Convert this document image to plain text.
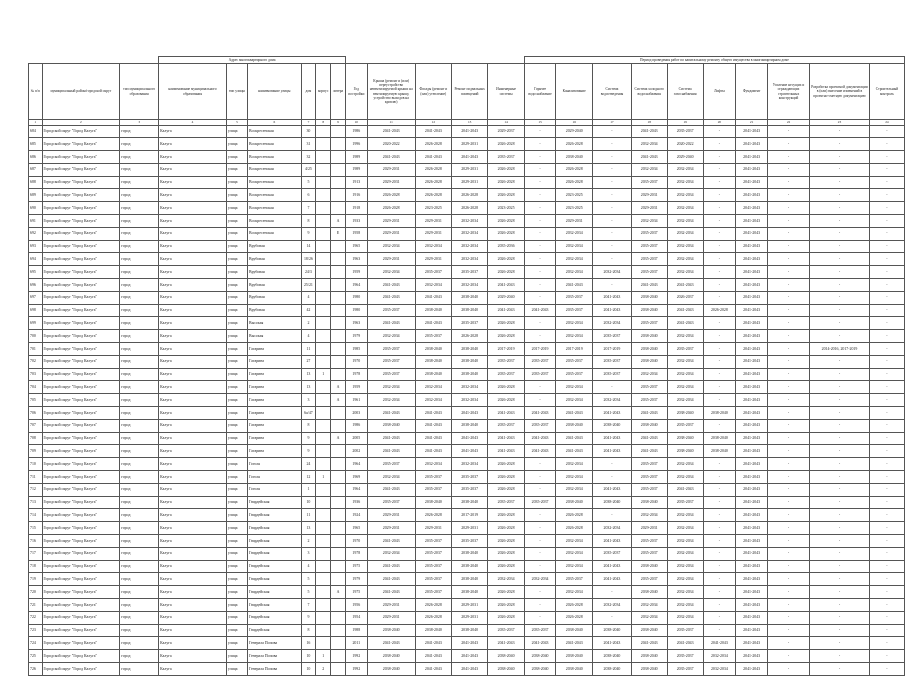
			Адрес многоквартирного дома											Период проведения работ по капитальному ремонту общего имущества в многоквартирном доме									
№ п/п	муниципальный район/городской округ	тип муниципального образования	наименование муниципального образования	тип улицы	наименование улицы	дом	корпус	литера	Год постройки	Крыша (ремонт и (или) переустройство невентилируемой крыши на вентилируемую крышу, устройство выходов на кровлю)	Фасады (ремонт и (или) утепление)	Ремонт подвальных помещений	Инженерные системы	Горячее водоснабжение	Канализование	Система водоотведения	Система холодного водоснабжения	Система газоснабжения	Лифты	Фундамент	Усиление несущих и ограждающих строительных конструкций	Разработка проектной документации в (или) внесение изменений в проектно-сметную документацию	Строительный контроль
1	2	3	4	5	6	7	8	9	10	11	12	13	14	15	16	17	18	19	20	21	22	23	24
684	Городской округ "Город Калуга"	город	Калуга	улица	Воскресенская	30			1986	2041-2043	2041-2043	2041-2043	2029-2037	-	2029-2040	-	2041-2043	2035-2037	-	2041-2043	-	-	-
685	Городской округ "Город Калуга"	город	Калуга	улица	Воскресенская	31			1996	2020-2022	2026-2028	2029-2031	2026-2028	-	2026-2028	-	2032-2034	2020-2022	-	2041-2043	-	-	-
686	Городской округ "Город Калуга"	город	Калуга	улица	Воскресенская	32			1989	2041-2043	2041-2043	2041-2043	2035-2037	-	2038-2040	-	2041-2043	2029-2040	-	2041-2043	-	-	-
687	Городской округ "Город Калуга"	город	Калуга	улица	Воскресенская	4/25			1989	2029-2031	2026-2028	2029-2031	2026-2028	-	2026-2028	-	2032-2034	2032-2034	-	2041-2043	-	-	-
688	Городской округ "Город Калуга"	город	Калуга	улица	Воскресенская	5			1913	2029-2031	2026-2028	2029-2031	2026-2028	-	2026-2028	-	2035-2037	2032-2034	-	2041-2043	-	-	-
689	Городской округ "Город Калуга"	город	Калуга	улица	Воскресенская	6			1916	2026-2028	2026-2028	2026-2028	2026-2028	-	2023-2025	-	2029-2031	2032-2034	-	2041-2043	-	-	-
690	Городской округ "Город Калуга"	город	Калуга	улица	Воскресенская	7			1918	2026-2028	2023-2025	2026-2028	2023-2025	-	2023-2025	-	2029-2031	2032-2034	-	2041-2043	-	-	-
691	Городской округ "Город Калуга"	город	Калуга	улица	Воскресенская	8		А	1933	2029-2031	2029-2031	2032-2034	2026-2028	-	2029-2031	-	2032-2034	2032-2034	-	2041-2043	-	-	-
692	Городской округ "Город Калуга"	город	Калуга	улица	Воскресенская	9		Е	1958	2029-2031	2029-2031	2032-2034	2026-2028	-	2032-2034	-	2035-2037	2032-2034	-	2041-2043	-	-	-
693	Городской округ "Город Калуга"	город	Калуга	улица	Врубовая	14			1965	2032-2034	2032-2034	2032-2034	2035-2036	-	2032-2034	-	2035-2037	2032-2034	-	2041-2043	-	-	-
694	Городской округ "Город Калуга"	город	Калуга	улица	Врубовая	18/26			1963	2029-2031	2029-2031	2032-2034	2026-2028	-	2032-2034	-	2035-2037	2032-2034	-	2041-2043	-	-	-
695	Городской округ "Город Калуга"	город	Калуга	улица	Врубовая	24/3			1959	2032-2034	2035-2037	2035-2037	2026-2028	-	2032-2034	2032-2034	2035-2037	2032-2034	-	2041-2043	-	-	-
696	Городской округ "Город Калуга"	город	Калуга	улица	Врубовая	25/21			1964	2041-2043	2032-2034	2032-2034	2041-2043	-	2041-2043	-	2041-2043	2041-2043	-	2041-2043	-	-	-
697	Городской округ "Город Калуга"	город	Калуга	улица	Врубовая	4			1980	2041-2043	2041-2043	2038-2040	2029-2040	-	2035-2037	2041-2043	2038-2040	2026-2037	-	2041-2043	-	-	-
698	Городской округ "Город Калуга"	город	Калуга	улица	Врубовая	42			1980	2035-2037	2038-2040	2038-2040	2041-2043	2041-2043	2035-2037	2041-2043	2038-2040	2041-2043	2026-2028	2041-2043	-	-	-
699	Городской округ "Город Калуга"	город	Калуга	улица	Высокая	2			1963	2041-2043	2041-2043	2035-2037	2026-2028	-	2032-2034	2032-2034	2035-2037	2041-2043	-	2041-2043	-	-	-
700	Городской округ "Город Калуга"	город	Калуга	улица	Высокая	4			1979	2032-2034	2035-2037	2026-2028	2026-2028	-	2032-2034	2035-2037	2038-2040	2032-2034	-	2041-2043	-	-	-
701	Городской округ "Город Калуга"	город	Калуга	улица	Гагарина	11			1985	2035-2037	2038-2040	2038-2040	2017-2019	2017-2019	2017-2019	2017-2019	2038-2040	2035-2037	-	2041-2043	-	2014-2016, 2017-2019	-
702	Городской округ "Город Калуга"	город	Калуга	улица	Гагарина	27			1970	2035-2037	2038-2040	2038-2040	2035-2037	2035-2037	2035-2037	2035-2037	2038-2040	2032-2034	-	2041-2043	-	-	-
703	Городской округ "Город Калуга"	город	Калуга	улица	Гагарина	13	1		1978	2035-2037	2038-2040	2038-2040	2035-2037	2035-2037	2035-2037	2035-2037	2032-2034	2032-2034	-	2041-2043	-	-	-
704	Городской округ "Город Калуга"	город	Калуга	улица	Гагарина	13		А	1959	2032-2034	2032-2034	2032-2034	2026-2028	-	2032-2034	-	2035-2037	2032-2034	-	2041-2043	-	-	-
705	Городской округ "Город Калуга"	город	Калуга	улица	Гагарина	3		А	1961	2032-2034	2032-2034	2032-2034	2026-2028	-	2032-2034	2032-2034	2035-2037	2032-2034	-	2041-2043	-	-	-
706	Городской округ "Город Калуга"	город	Калуга	улица	Гагарина	6а/47			2003	2041-2043	2041-2043	2041-2043	2041-2043	2041-2043	2041-2043	2041-2043	2041-2043	2038-2040	2038-2040	2041-2043	-	-	-
707	Городской округ "Город Калуга"	город	Калуга	улица	Гагарина	8			1986	2038-2040	2041-2043	2038-2040	2035-2037	2035-2037	2038-2040	2038-2040	2038-2040	2035-2037	-	2041-2043	-	-	-
708	Городской округ "Город Калуга"	город	Калуга	улица	Гагарина	9		А	2005	2041-2043	2041-2043	2041-2043	2041-2043	2041-2043	2041-2043	2041-2043	2041-2043	2038-2040	2038-2040	2041-2043	-	-	-
709	Городской округ "Город Калуга"	город	Калуга	улица	Гагарина	9			2002	2041-2043	2041-2043	2041-2043	2041-2043	2041-2043	2041-2043	2041-2043	2041-2043	2038-2040	2038-2040	2041-2043	-	-	-
710	Городской округ "Город Калуга"	город	Калуга	улица	Гоголя	24			1964	2035-2037	2032-2034	2032-2034	2026-2028	-	2032-2034	-	2035-2037	2032-2034	-	2041-2043	-	-	-
711	Городской округ "Город Калуга"	город	Калуга	улица	Гоголя	12	1		1969	2032-2034	2035-2037	2035-2037	2026-2028	-	2032-2034	-	2035-2037	2032-2034	-	2041-2043	-	-	-
712	Городской округ "Город Калуга"	город	Калуга	улица	Гоголя	1			1964	2041-2043	2035-2037	2035-2037	2026-2028	-	2032-2034	2041-2043	2035-2037	2041-2043	-	2041-2043	-	-	-
713	Городской округ "Город Калуга"	город	Калуга	улица	Гвардейская	10			1936	2035-2037	2038-2040	2038-2040	2035-2037	2035-2037	2038-2040	2038-2040	2038-2040	2035-2037	-	2041-2043	-	-	-
714	Городской округ "Город Калуга"	город	Калуга	улица	Гвардейская	11			1924	2029-2031	2026-2028	2017-2019	2026-2028	-	2026-2028	-	2032-2034	2032-2034	-	2041-2043	-	-	-
715	Городской округ "Город Калуга"	город	Калуга	улица	Гвардейская	13			1965	2029-2031	2029-2031	2029-2031	2026-2028	-	2026-2028	2032-2034	2029-2031	2032-2034	-	2041-2043	-	-	-
716	Городской округ "Город Калуга"	город	Калуга	улица	Гвардейская	2			1970	2041-2043	2035-2037	2035-2037	2026-2028	-	2032-2034	2041-2043	2035-2037	2032-2034	-	2041-2043	-	-	-
717	Городской округ "Город Калуга"	город	Калуга	улица	Гвардейская	3			1978	2032-2034	2035-2037	2038-2040	2026-2028	-	2032-2034	2035-2037	2035-2037	2032-2034	-	2041-2043	-	-	-
718	Городской округ "Город Калуга"	город	Калуга	улица	Гвардейская	4			1975	2041-2043	2035-2037	2038-2040	2026-2028	-	2032-2034	2041-2043	2038-2040	2032-2034	-	2041-2043	-	-	-
719	Городской округ "Город Калуга"	город	Калуга	улица	Гвардейская	5			1979	2041-2043	2035-2037	2038-2040	2032-2034	2032-2034	2035-2037	2041-2043	2035-2037	2032-2034	-	2041-2043	-	-	-
720	Городской округ "Город Калуга"	город	Калуга	улица	Гвардейская	5		А	1975	2041-2043	2035-2037	2038-2040	2026-2028	-	2032-2034	-	2038-2040	2032-2034	-	2041-2043	-	-	-
721	Городской округ "Город Калуга"	город	Калуга	улица	Гвардейская	7			1956	2029-2031	2026-2028	2029-2031	2026-2028	-	2026-2028	2032-2034	2032-2034	2032-2034	-	2041-2043	-	-	-
722	Городской округ "Город Калуга"	город	Калуга	улица	Гвардейская	9			1954	2029-2031	2026-2028	2029-2031	2026-2028	-	2026-2028	-	2032-2034	2032-2034	-	2041-2043	-	-	-
723	Городской округ "Город Калуга"	город	Калуга	улица	Гвардейская	8			1988	2038-2040	2038-2040	2038-2040	2035-2037	2035-2037	2038-2040	2038-2040	2038-2040	2035-2037	-	2041-2043	-	-	-
724	Городской округ "Город Калуга"	город	Калуга	улица	Генерала Попова	16			2011	2041-2043	2041-2043	2041-2043	2041-2043	2041-2043	2041-2043	2041-2043	2041-2043	2041-2043	2041-2043	2041-2043	-	-	-
725	Городской округ "Город Калуга"	город	Калуга	улица	Генерала Попова	10	1		1992	2038-2040	2041-2043	2041-2043	2038-2040	2038-2040	2038-2040	2038-2040	2038-2040	2035-2037	2032-2034	2041-2043	-	-	-
726	Городской округ "Город Калуга"	город	Калуга	улица	Генерала Попова	10	2		1992	2038-2040	2041-2043	2041-2043	2038-2040	2038-2040	2038-2040	2038-2040	2038-2040	2035-2037	2032-2034	2041-2043	-	-	-
